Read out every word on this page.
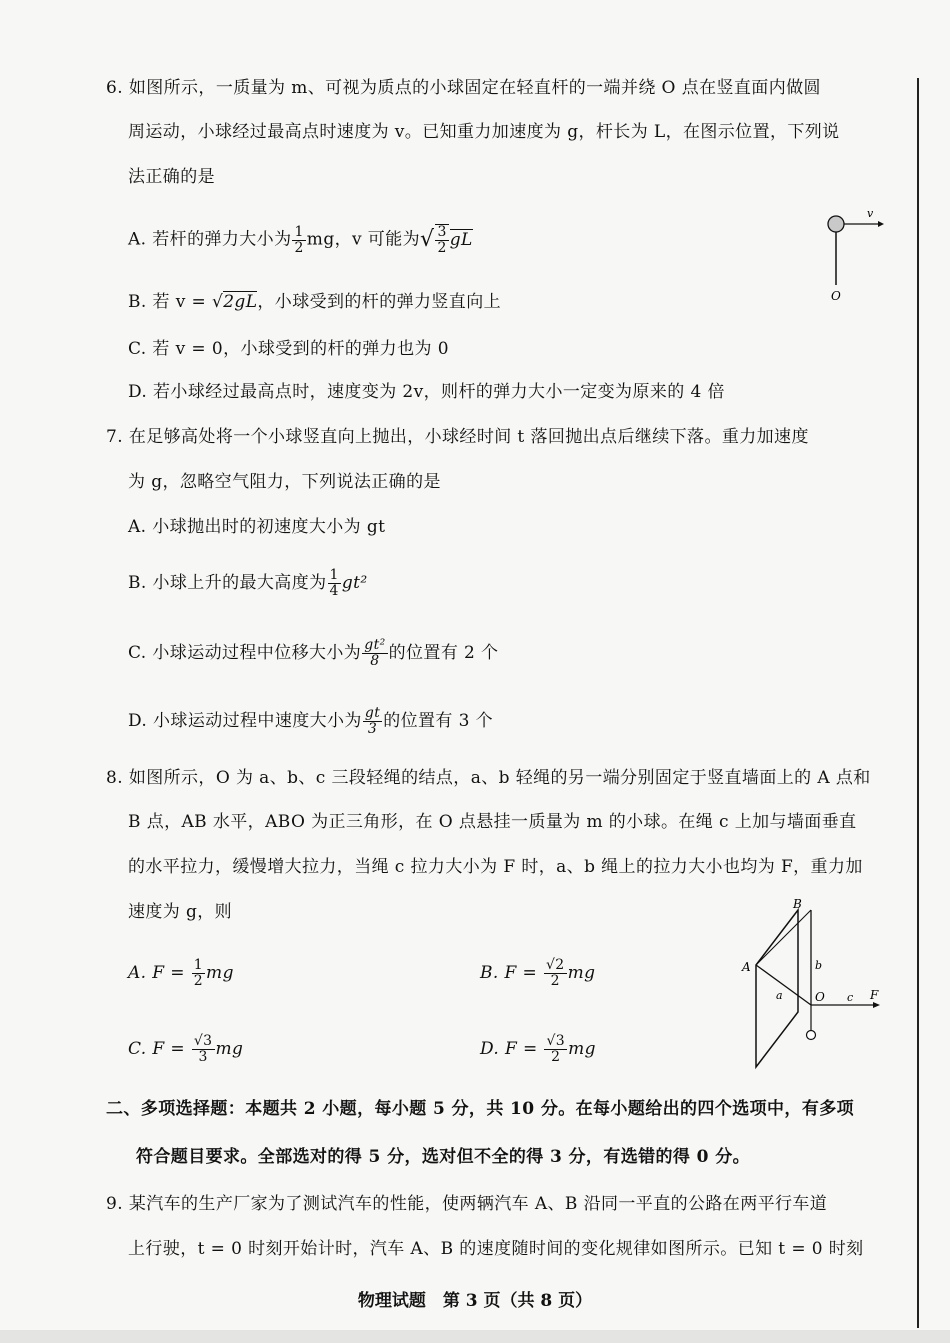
6. 如图所示，一质量为 m、可视为质点的小球固定在轻直杆的一端并绕 O 点在竖直面内做圆
周运动，小球经过最高点时速度为 v。已知重力加速度为 g，杆长为 L，在图示位置，下列说
法正确的是
A. 若杆的弹力大小为 $\frac{1}{2}$ mg，v 可能为√ $\frac{3}{2}$ gL
B. 若 v = √2gL，小球受到的杆的弹力竖直向上
C. 若 v = 0，小球受到的杆的弹力也为 0
D. 若小球经过最高点时，速度变为 2v，则杆的弹力大小一定变为原来的 4 倍
v
O
7. 在足够高处将一个小球竖直向上抛出，小球经时间 t 落回抛出点后继续下落。重力加速度
为 g，忽略空气阻力，下列说法正确的是
A. 小球抛出时的初速度大小为 gt
B. 小球上升的最大高度为 $\frac{1}{4} gt^2$
C. 小球运动过程中位移大小为 $\frac{\text{gt²}}{8}$ 的位置有 2 个
D. 小球运动过程中速度大小为 $\frac{gt}{3}$ 的位置有 3 个
8. 如图所示，O 为 a、b、c 三段轻绳的结点，a、b 轻绳的另一端分别固定于竖直墙面上的 A 点和
B 点，AB 水平，ABO 为正三角形，在 O 点悬挂一质量为 m 的小球。在绳 c 上加与墙面垂直
的水平拉力，缓慢增大拉力，当绳 c 拉力大小为 F 时，a、b 绳上的拉力大小也均为 F，重力加
速度为 g，则
A. $F = \frac{1}{2}$ mg	B. $F = \frac{√2}{2}$ mg
C. $F = \frac{√3}{3}$ mg	D. $F = \frac{√3}{2}$ mg
B
A	b
a	O c F
二、多项选择题：本题共 2 小题，每小题 5 分，共 10 分。在每小题给出的四个选项中，有多项
符合题目要求。全部选对的得 5 分，选对但不全的得 3 分，有选错的得 0 分。
9. 某汽车的生产厂家为了测试汽车的性能，使两辆汽车 A、B 沿同一平直的公路在两平行车道
上行驶，t = 0 时刻开始计时，汽车 A、B 的速度随时间的变化规律如图所示。已知 t = 0 时刻
物理试题　第 3 页（共 8 页）
